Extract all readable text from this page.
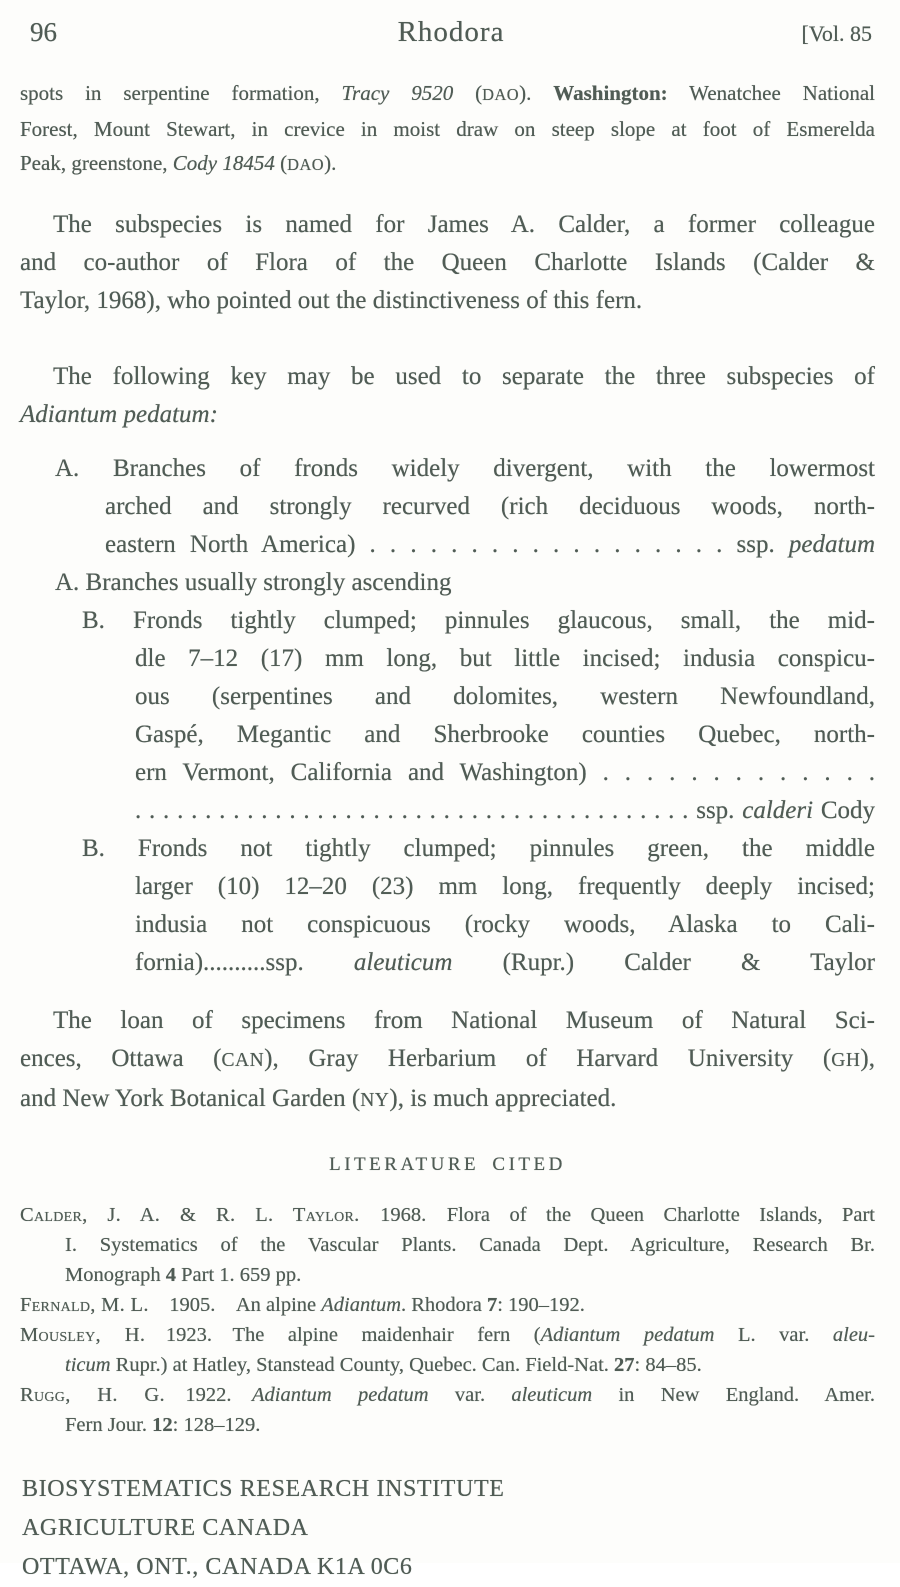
96	Rhodora	[Vol. 85
spots in serpentine formation, Tracy 9520 (DAO). Washington: Wenatchee National
Forest, Mount Stewart, in crevice in moist draw on steep slope at foot of Esmerelda
Peak, greenstone, Cody 18454 (DAO).
The subspecies is named for James A. Calder, a former colleague
and co-author of Flora of the Queen Charlotte Islands (Calder &
Taylor, 1968), who pointed out the distinctiveness of this fern.
The following key may be used to separate the three subspecies of
Adiantum pedatum:
A. Branches of fronds widely divergent, with the lowermost
arched and strongly recurved (rich deciduous woods, north-
eastern North America) . . . . . . . . . . . . . . . . . . ssp. pedatum
A. Branches usually strongly ascending
B. Fronds tightly clumped; pinnules glaucous, small, the mid-
dle 7–12 (17) mm long, but little incised; indusia conspicu-
ous (serpentines and dolomites, western Newfoundland,
Gaspé, Megantic and Sherbrooke counties Quebec, north-
ern Vermont, California and Washington) . . . . . . . . . . . . .
. . . . . . . . . . . . . . . . . . . . . . . . . . . . . . . . . . . . . . . . ssp. calderi Cody
B. Fronds not tightly clumped; pinnules green, the middle
larger (10) 12–20 (23) mm long, frequently deeply incised;
indusia not conspicuous (rocky woods, Alaska to Cali-
fornia)..........ssp. aleuticum (Rupr.) Calder & Taylor
The loan of specimens from National Museum of Natural Sci-
ences, Ottawa (CAN), Gray Herbarium of Harvard University (GH),
and New York Botanical Garden (NY), is much appreciated.
LITERATURE CITED
Calder, J. A. & R. L. Taylor.  1968.  Flora of the Queen Charlotte Islands, Part
I. Systematics of the Vascular Plants. Canada Dept. Agriculture, Research Br.
Monograph 4 Part 1. 659 pp.
Fernald, M. L.  1905.  An alpine Adiantum. Rhodora 7: 190–192.
Mousley, H.  1923.  The alpine maidenhair fern (Adiantum pedatum L. var. aleu-
ticum Rupr.) at Hatley, Stanstead County, Quebec. Can. Field-Nat. 27: 84–85.
Rugg, H. G.  1922.  Adiantum pedatum var. aleuticum in New England. Amer.
Fern Jour. 12: 128–129.
BIOSYSTEMATICS RESEARCH INSTITUTE
AGRICULTURE CANADA
OTTAWA, ONT., CANADA K1A 0C6
